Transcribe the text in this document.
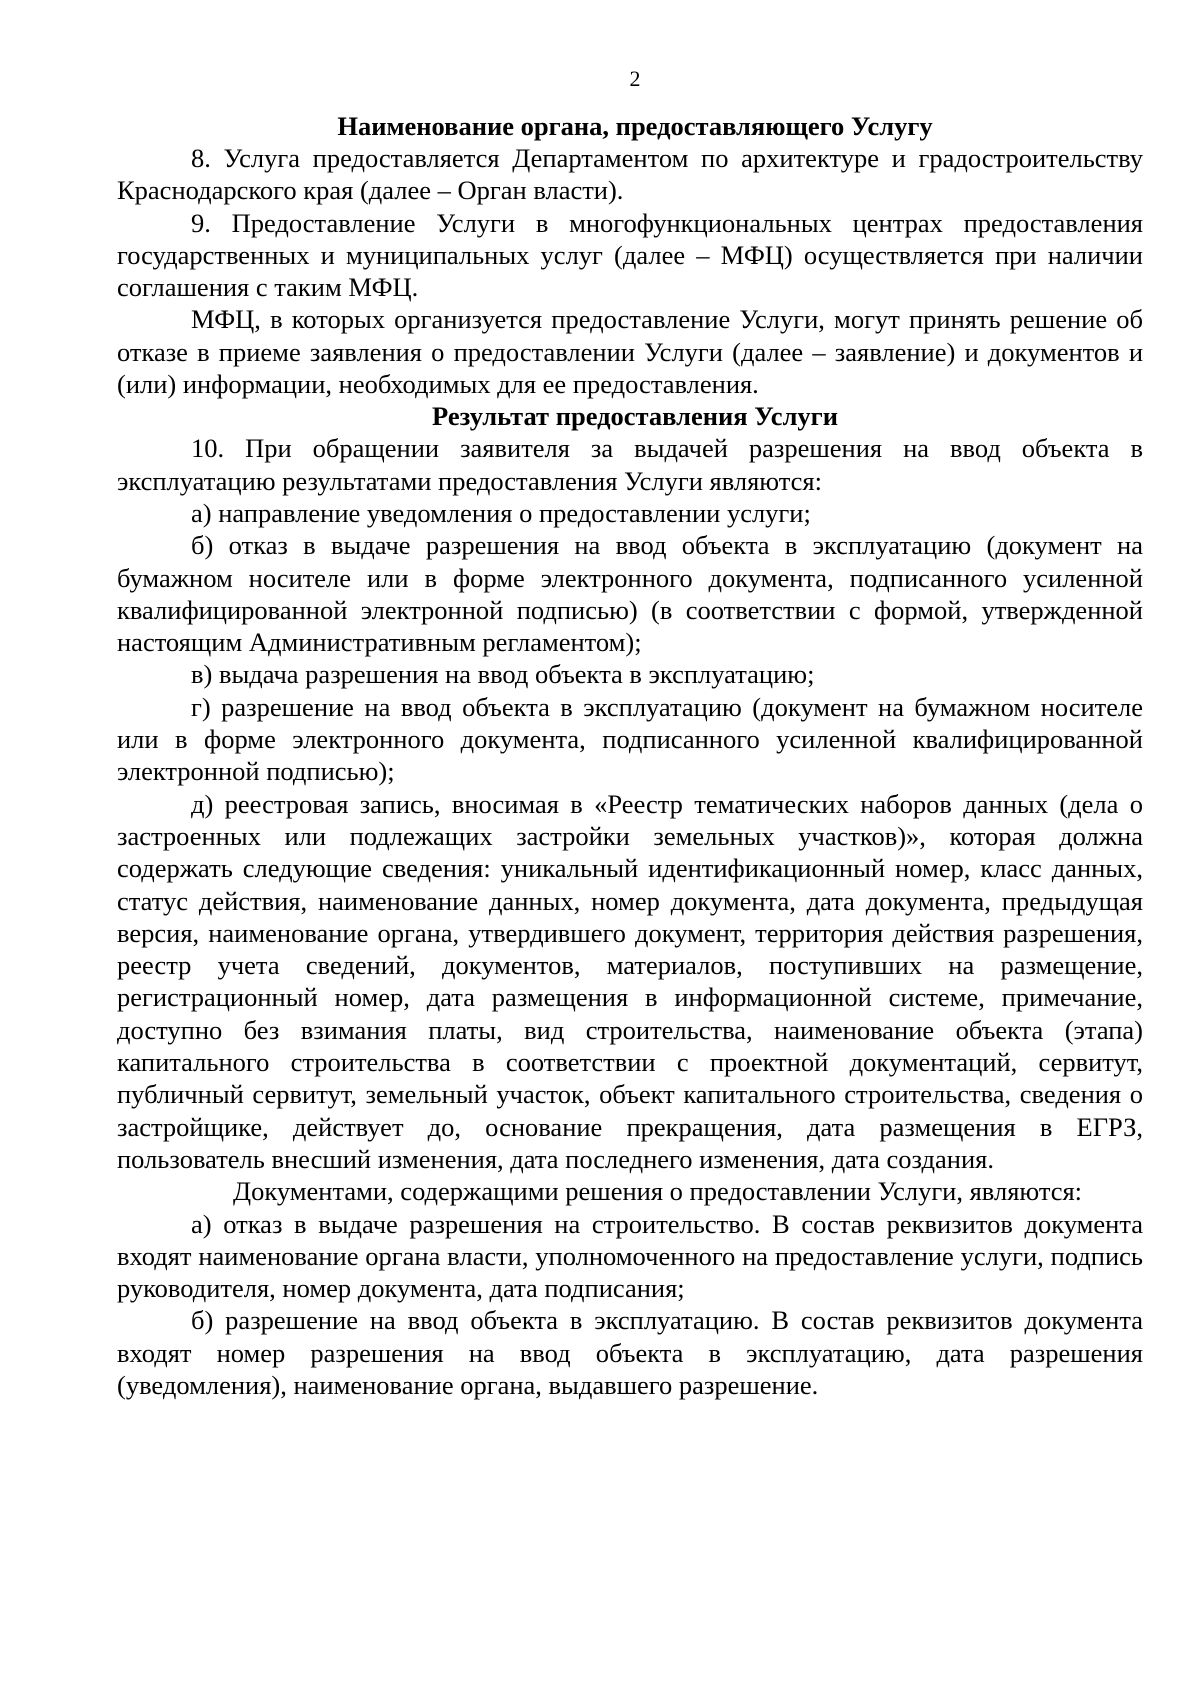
2
Наименование органа, предоставляющего Услугу

8. Услуга предоставляется Департаментом по архитектуре и градостроительству Краснодарского края (далее – Орган власти).

9. Предоставление Услуги в многофункциональных центрах предоставления государственных и муниципальных услуг (далее – МФЦ) осуществляется при наличии соглашения с таким МФЦ.

МФЦ, в которых организуется предоставление Услуги, могут принять решение об отказе в приеме заявления о предоставлении Услуги (далее – заявление) и документов и (или) информации, необходимых для ее предоставления.

Результат предоставления Услуги

10. При обращении заявителя за выдачей разрешения на ввод объекта в эксплуатацию результатами предоставления Услуги являются:

а) направление уведомления о предоставлении услуги;

б) отказ в выдаче разрешения на ввод объекта в эксплуатацию (документ на бумажном носителе или в форме электронного документа, подписанного усиленной квалифицированной электронной подписью) (в соответствии с формой, утвержденной настоящим Административным регламентом);

в) выдача разрешения на ввод объекта в эксплуатацию;

г) разрешение на ввод объекта в эксплуатацию (документ на бумажном носителе или в форме электронного документа, подписанного усиленной квалифицированной электронной подписью);

д) реестровая запись, вносимая в «Реестр тематических наборов данных (дела о застроенных или подлежащих застройки земельных участков)», которая должна содержать следующие сведения: уникальный идентификационный номер, класс данных, статус действия, наименование данных, номер документа, дата документа, предыдущая версия, наименование органа, утвердившего документ, территория действия разрешения, реестр учета сведений, документов, материалов, поступивших на размещение, регистрационный номер, дата размещения в информационной системе, примечание, доступно без взимания платы, вид строительства, наименование объекта (этапа) капитального строительства в соответствии с проектной документаций, сервитут, публичный сервитут, земельный участок, объект капитального строительства, сведения о застройщике, действует до, основание прекращения, дата размещения в ЕГРЗ, пользователь внесший изменения, дата последнего изменения, дата создания.

Документами, содержащими решения о предоставлении Услуги, являются:

а) отказ в выдаче разрешения на строительство. В состав реквизитов документа входят наименование органа власти, уполномоченного на предоставление услуги, подпись руководителя, номер документа, дата подписания;

б) разрешение на ввод объекта в эксплуатацию. В состав реквизитов документа входят номер разрешения на ввод объекта в эксплуатацию, дата разрешения (уведомления), наименование органа, выдавшего разрешение.
